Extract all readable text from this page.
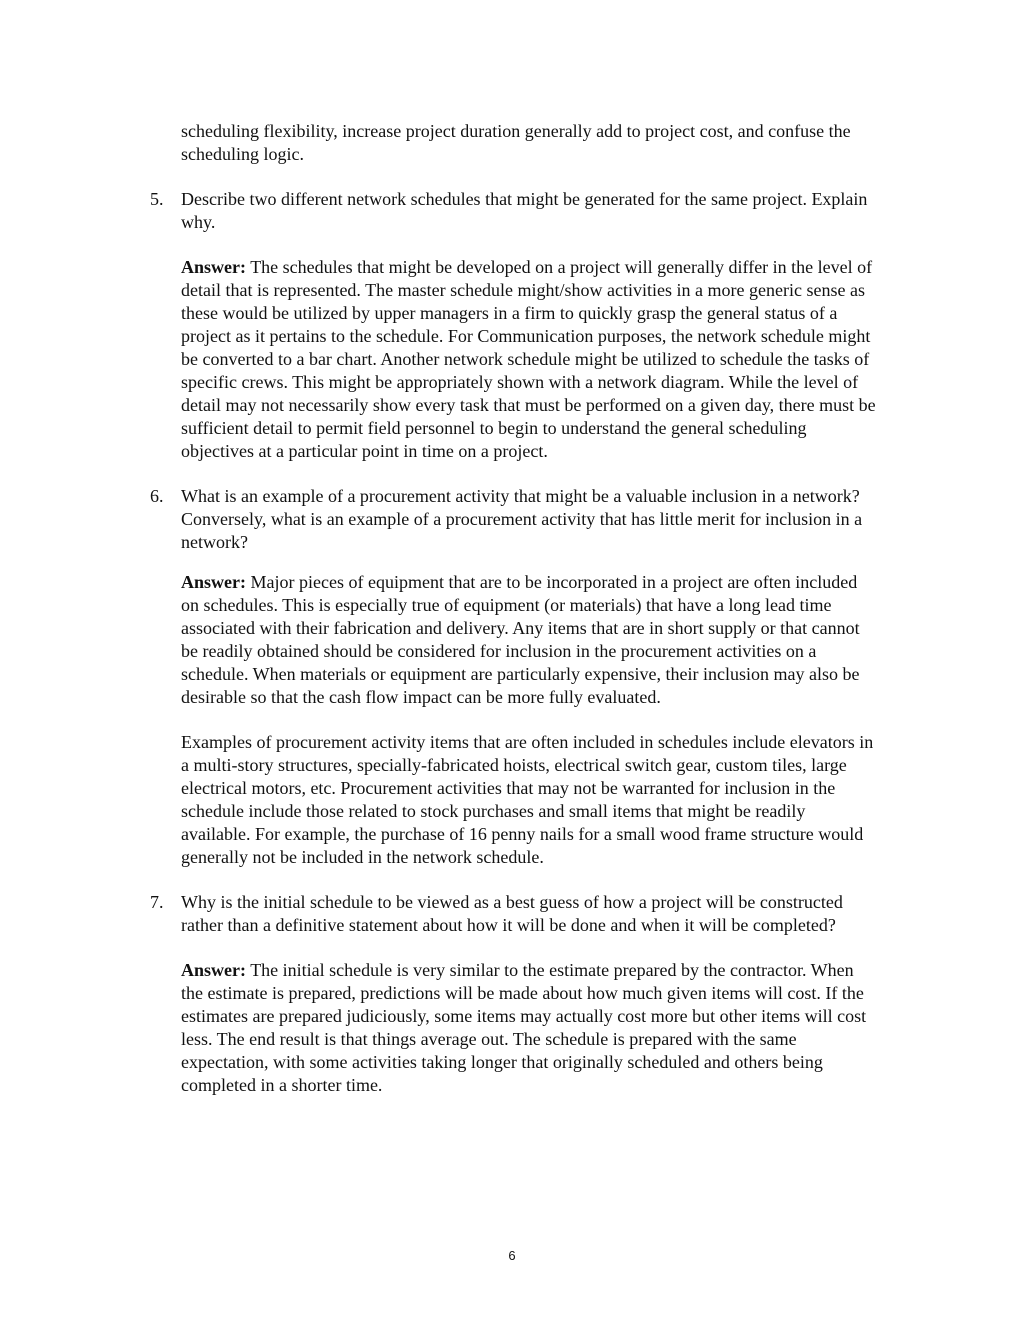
scheduling flexibility, increase project duration generally add to project cost, and confuse the scheduling logic.

5. Describe two different network schedules that might be generated for the same project. Explain why.

Answer: The schedules that might be developed on a project will generally differ in the level of detail that is represented. The master schedule might/show activities in a more generic sense as these would be utilized by upper managers in a firm to quickly grasp the general status of a project as it pertains to the schedule. For Communication purposes, the network schedule might be converted to a bar chart. Another network schedule might be utilized to schedule the tasks of specific crews. This might be appropriately shown with a network diagram. While the level of detail may not necessarily show every task that must be performed on a given day, there must be sufficient detail to permit field personnel to begin to understand the general scheduling objectives at a particular point in time on a project.

6. What is an example of a procurement activity that might be a valuable inclusion in a network? Conversely, what is an example of a procurement activity that has little merit for inclusion in a network?

Answer: Major pieces of equipment that are to be incorporated in a project are often included on schedules. This is especially true of equipment (or materials) that have a long lead time associated with their fabrication and delivery. Any items that are in short supply or that cannot be readily obtained should be considered for inclusion in the procurement activities on a schedule. When materials or equipment are particularly expensive, their inclusion may also be desirable so that the cash flow impact can be more fully evaluated.

Examples of procurement activity items that are often included in schedules include elevators in a multi-story structures, specially-fabricated hoists, electrical switch gear, custom tiles, large electrical motors, etc. Procurement activities that may not be warranted for inclusion in the schedule include those related to stock purchases and small items that might be readily available. For example, the purchase of 16 penny nails for a small wood frame structure would generally not be included in the network schedule.

7. Why is the initial schedule to be viewed as a best guess of how a project will be constructed rather than a definitive statement about how it will be done and when it will be completed?

Answer: The initial schedule is very similar to the estimate prepared by the contractor. When the estimate is prepared, predictions will be made about how much given items will cost. If the estimates are prepared judiciously, some items may actually cost more but other items will cost less. The end result is that things average out. The schedule is prepared with the same expectation, with some activities taking longer that originally scheduled and others being completed in a shorter time.

6
